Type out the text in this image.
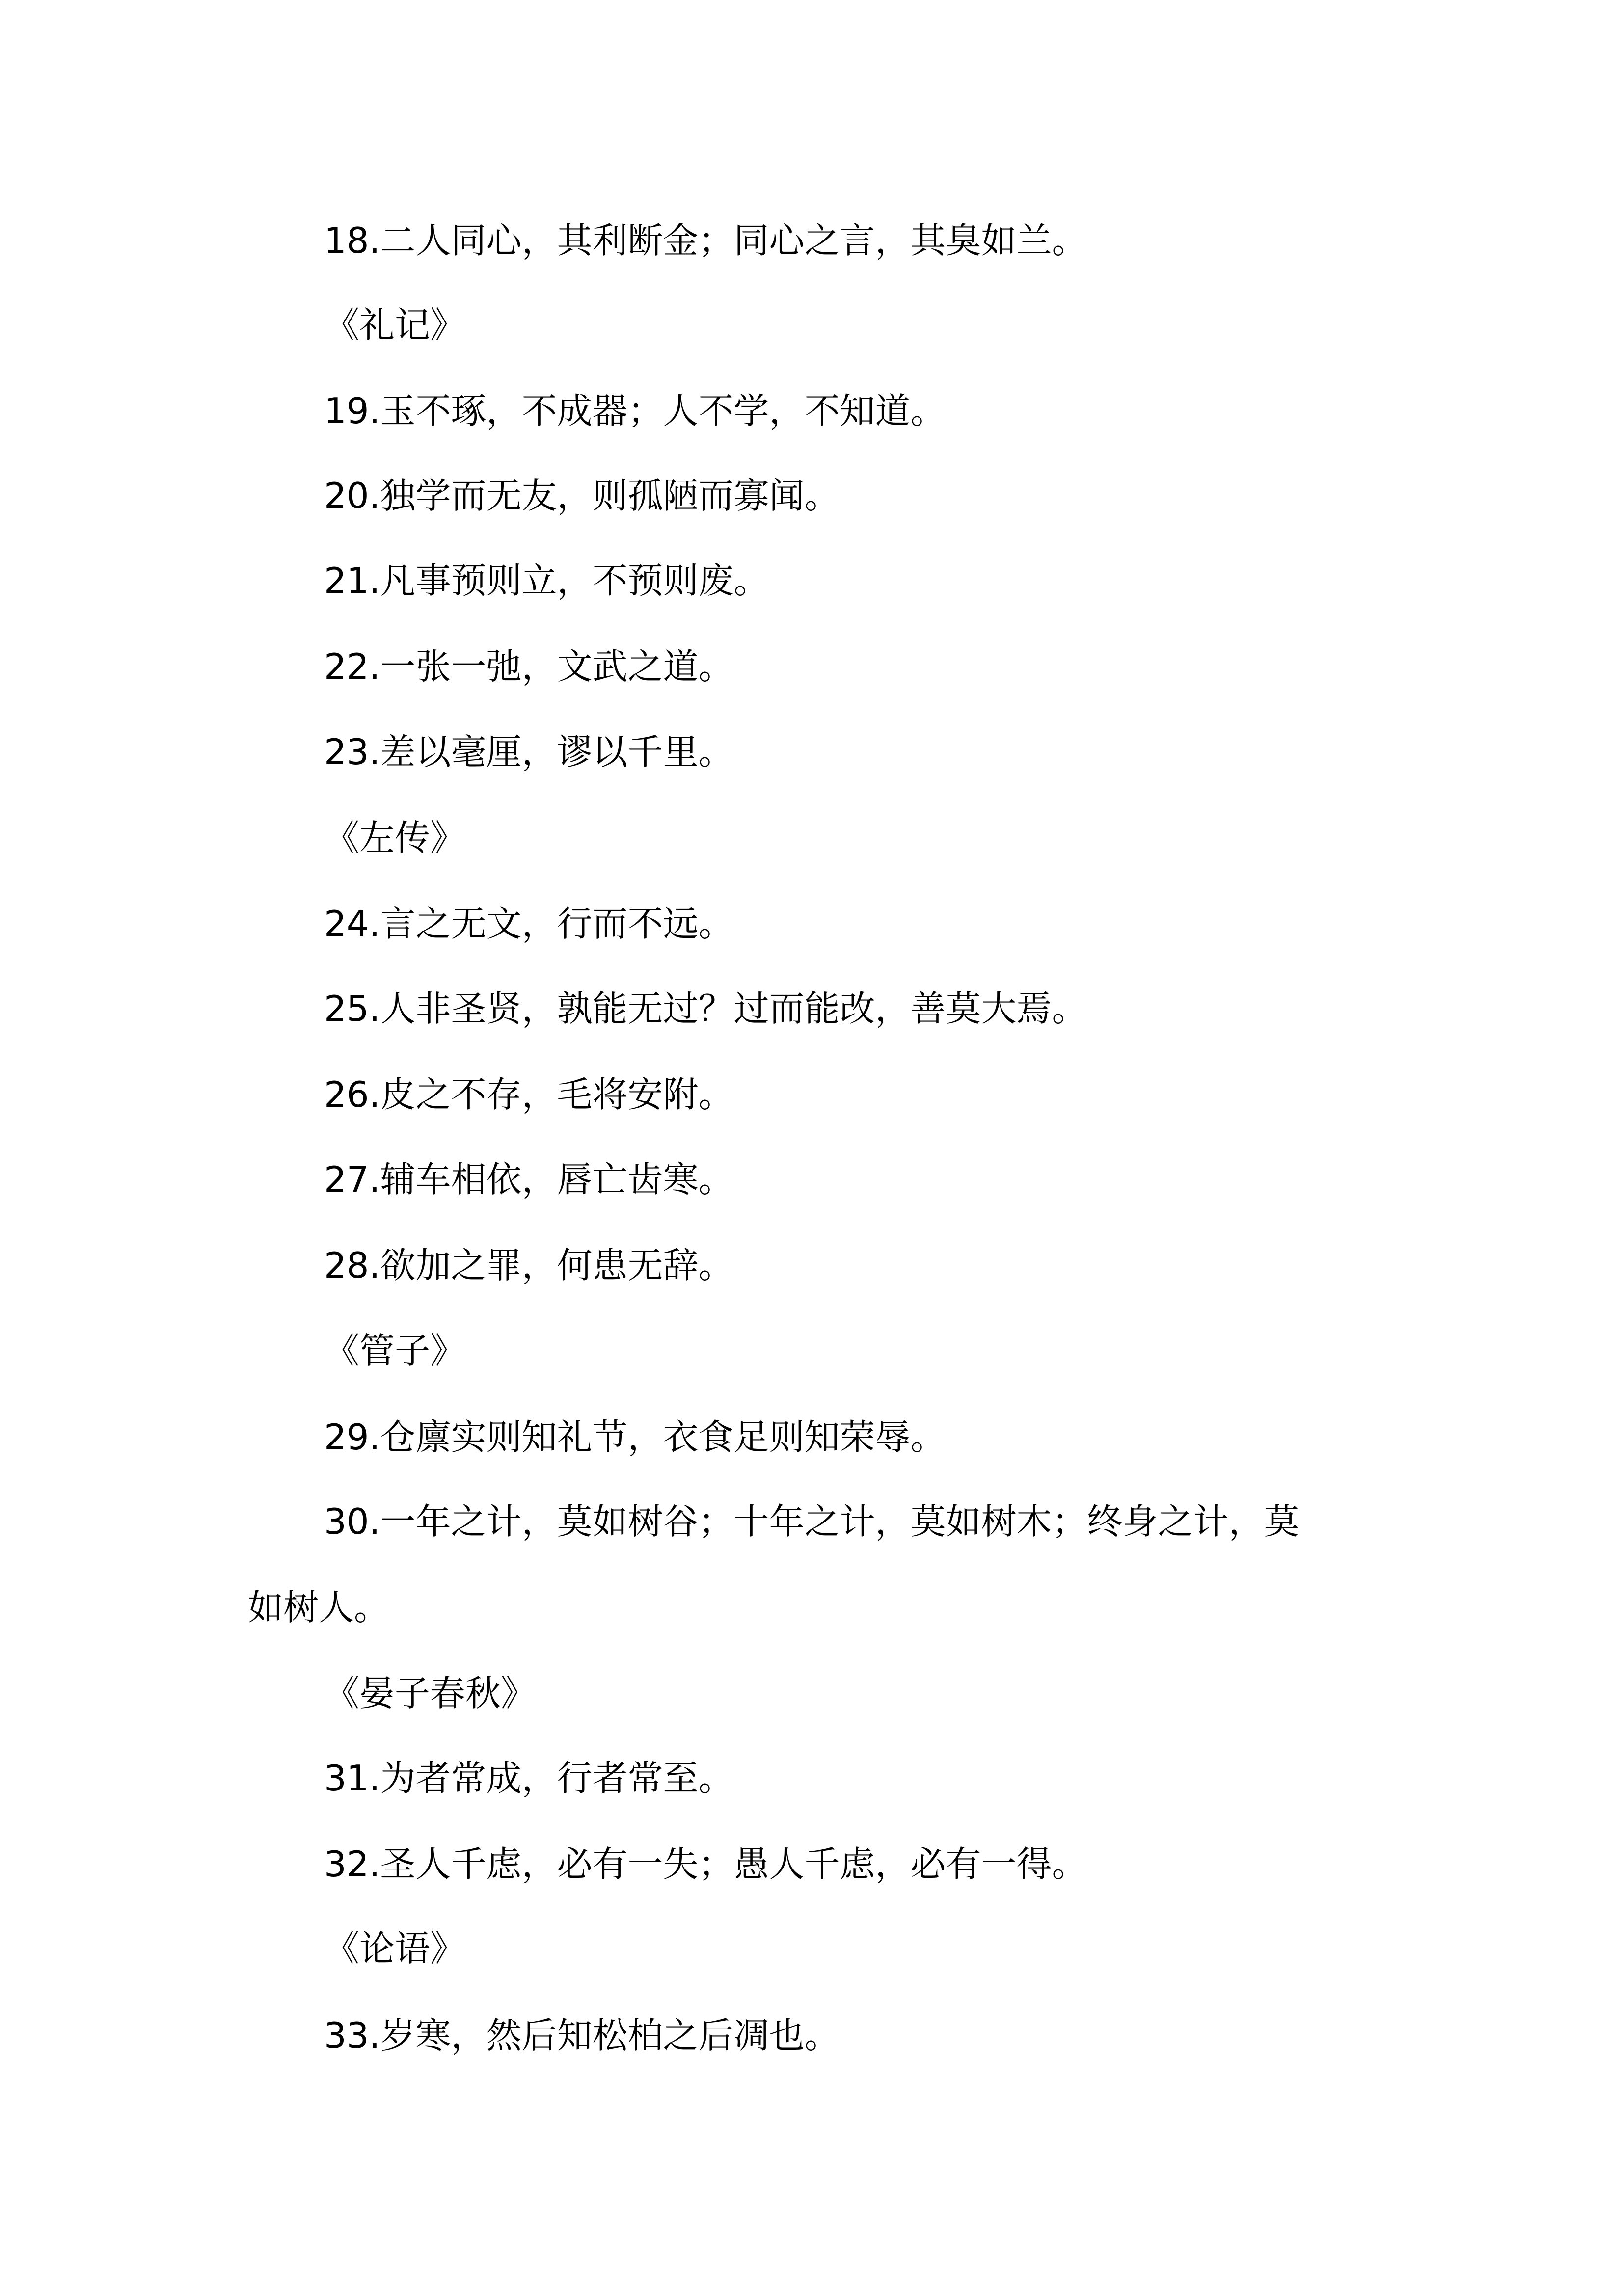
18.二人同心，其利断金；同心之言，其臭如兰。
《礼记》
19.玉不琢，不成器；人不学，不知道。
20.独学而无友，则孤陋而寡闻。
21.凡事预则立，不预则废。
22.一张一弛，文武之道。
23.差以毫厘，谬以千里。
《左传》
24.言之无文，行而不远。
25.人非圣贤，孰能无过？过而能改，善莫大焉。
26.皮之不存，毛将安附。
27.辅车相依，唇亡齿寒。
28.欲加之罪，何患无辞。
《管子》
29.仓廪实则知礼节，衣食足则知荣辱。
30.一年之计，莫如树谷；十年之计，莫如树木；终身之计，莫
如树人。
《晏子春秋》
31.为者常成，行者常至。
32.圣人千虑，必有一失；愚人千虑，必有一得。
《论语》
33.岁寒，然后知松柏之后凋也。
